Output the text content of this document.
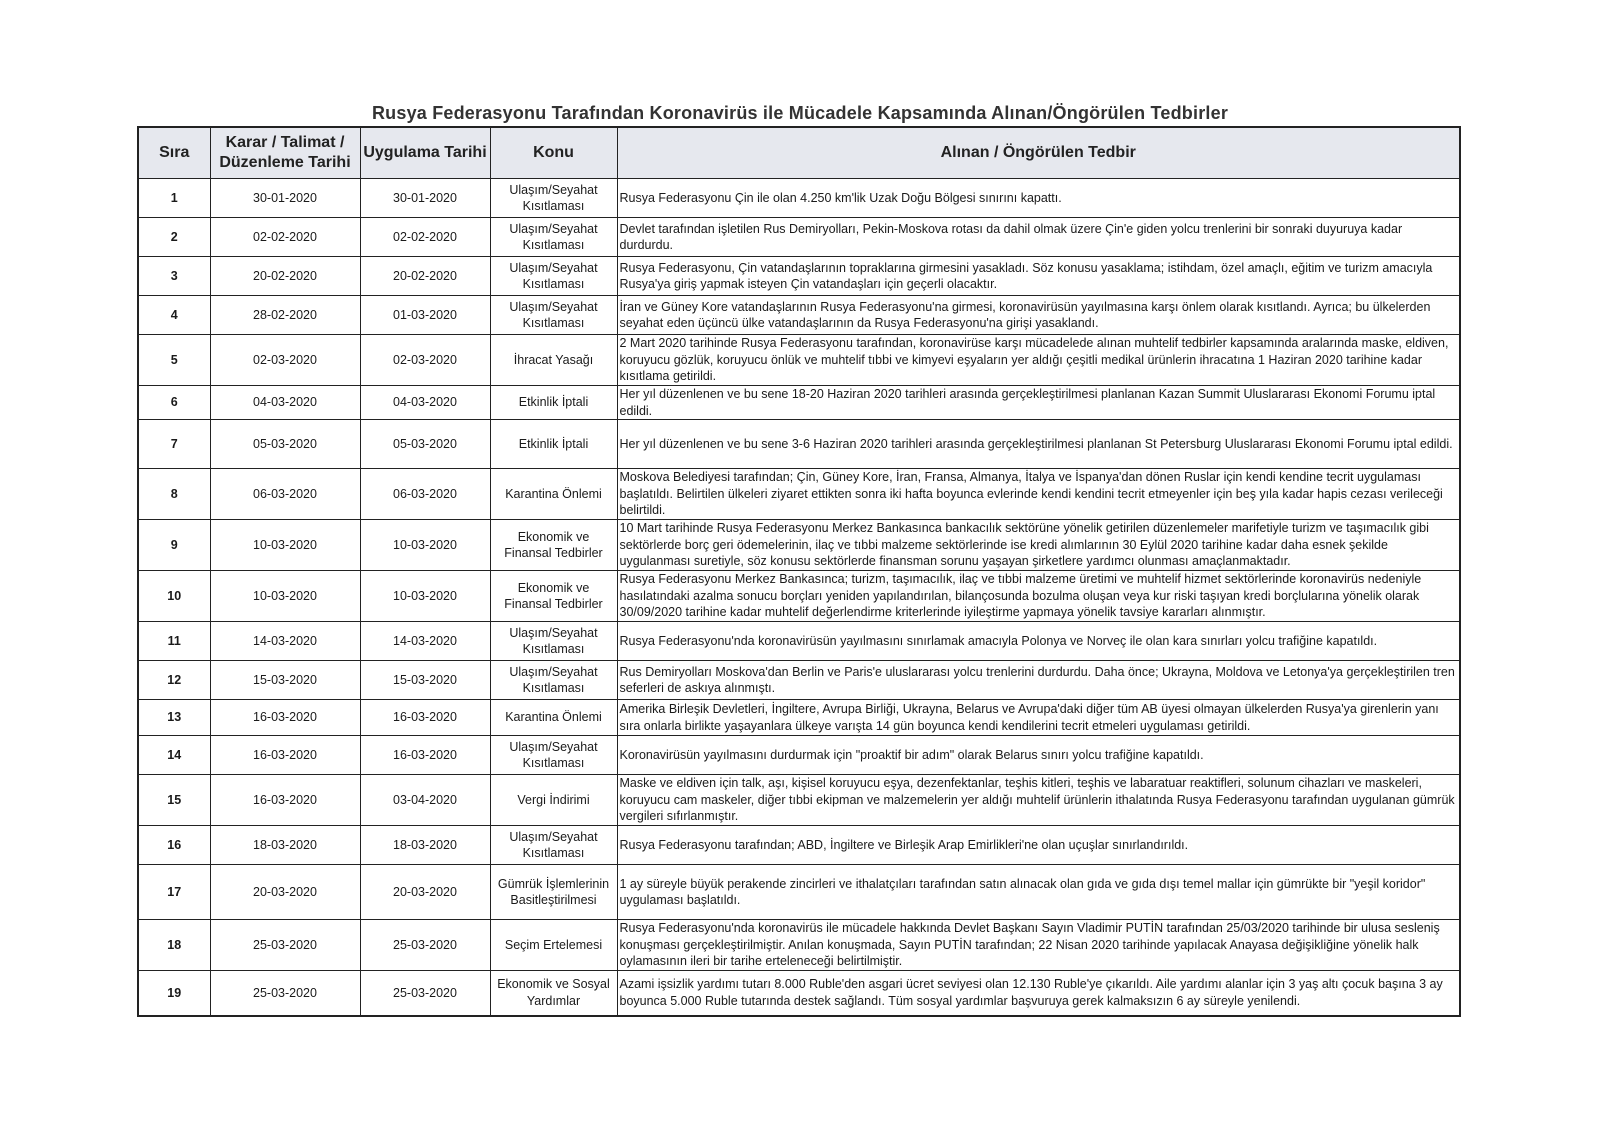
Rusya Federasyonu Tarafından Koronavirüs ile Mücadele Kapsamında Alınan/Öngörülen Tedbirler
Sıra	Karar / Talimat / Düzenleme Tarihi	Uygulama Tarihi	Konu	Alınan / Öngörülen Tedbir
1	30-01-2020	30-01-2020	Ulaşım/Seyahat Kısıtlaması	Rusya Federasyonu Çin ile olan 4.250 km'lik Uzak Doğu Bölgesi sınırını kapattı.
2	02-02-2020	02-02-2020	Ulaşım/Seyahat Kısıtlaması	Devlet tarafından işletilen Rus Demiryolları, Pekin-Moskova rotası da dahil olmak üzere Çin'e giden yolcu trenlerini bir sonraki duyuruya kadar durdurdu.
3	20-02-2020	20-02-2020	Ulaşım/Seyahat Kısıtlaması	Rusya Federasyonu, Çin vatandaşlarının topraklarına girmesini yasakladı. Söz konusu yasaklama; istihdam, özel amaçlı, eğitim ve turizm amacıyla Rusya'ya giriş yapmak isteyen Çin vatandaşları için geçerli olacaktır.
4	28-02-2020	01-03-2020	Ulaşım/Seyahat Kısıtlaması	İran ve Güney Kore vatandaşlarının Rusya Federasyonu'na girmesi, koronavirüsün yayılmasına karşı önlem olarak kısıtlandı. Ayrıca; bu ülkelerden seyahat eden üçüncü ülke vatandaşlarının da Rusya Federasyonu'na girişi yasaklandı.
5	02-03-2020	02-03-2020	İhracat Yasağı	2 Mart 2020 tarihinde Rusya Federasyonu tarafından, koronavirüse karşı mücadelede alınan muhtelif tedbirler kapsamında aralarında maske, eldiven, koruyucu gözlük, koruyucu önlük ve muhtelif tıbbi ve kimyevi eşyaların yer aldığı çeşitli medikal ürünlerin ihracatına 1 Haziran 2020 tarihine kadar kısıtlama getirildi.
6	04-03-2020	04-03-2020	Etkinlik İptali	Her yıl düzenlenen ve bu sene 18-20 Haziran 2020 tarihleri arasında gerçekleştirilmesi planlanan Kazan Summit Uluslararası Ekonomi Forumu iptal edildi.
7	05-03-2020	05-03-2020	Etkinlik İptali	Her yıl düzenlenen ve bu sene 3-6 Haziran 2020 tarihleri arasında gerçekleştirilmesi planlanan St Petersburg Uluslararası Ekonomi Forumu iptal edildi.
8	06-03-2020	06-03-2020	Karantina Önlemi	Moskova Belediyesi tarafından; Çin, Güney Kore, İran, Fransa, Almanya, İtalya ve İspanya'dan dönen Ruslar için kendi kendine tecrit uygulaması başlatıldı. Belirtilen ülkeleri ziyaret ettikten sonra iki hafta boyunca evlerinde kendi kendini tecrit etmeyenler için beş yıla kadar hapis cezası verileceği belirtildi.
9	10-03-2020	10-03-2020	Ekonomik ve Finansal Tedbirler	10 Mart tarihinde Rusya Federasyonu Merkez Bankasınca bankacılık sektörüne yönelik getirilen düzenlemeler marifetiyle turizm ve taşımacılık gibi sektörlerde borç geri ödemelerinin, ilaç ve tıbbi malzeme sektörlerinde ise kredi alımlarının 30 Eylül 2020 tarihine kadar daha esnek şekilde uygulanması suretiyle, söz konusu sektörlerde finansman sorunu yaşayan şirketlere yardımcı olunması amaçlanmaktadır.
10	10-03-2020	10-03-2020	Ekonomik ve Finansal Tedbirler	Rusya Federasyonu Merkez Bankasınca; turizm, taşımacılık, ilaç ve tıbbi malzeme üretimi ve muhtelif hizmet sektörlerinde koronavirüs nedeniyle hasılatındaki azalma sonucu borçları yeniden yapılandırılan, bilançosunda bozulma oluşan veya kur riski taşıyan kredi borçlularına yönelik olarak 30/09/2020 tarihine kadar muhtelif değerlendirme kriterlerinde iyileştirme yapmaya yönelik tavsiye kararları alınmıştır.
11	14-03-2020	14-03-2020	Ulaşım/Seyahat Kısıtlaması	Rusya Federasyonu'nda koronavirüsün yayılmasını sınırlamak amacıyla Polonya ve Norveç ile olan kara sınırları yolcu trafiğine kapatıldı.
12	15-03-2020	15-03-2020	Ulaşım/Seyahat Kısıtlaması	Rus Demiryolları Moskova'dan Berlin ve Paris'e uluslararası yolcu trenlerini durdurdu. Daha önce; Ukrayna, Moldova ve Letonya'ya gerçekleştirilen tren seferleri de askıya alınmıştı.
13	16-03-2020	16-03-2020	Karantina Önlemi	Amerika Birleşik Devletleri, İngiltere, Avrupa Birliği, Ukrayna, Belarus ve Avrupa'daki diğer tüm AB üyesi olmayan ülkelerden Rusya'ya girenlerin yanı sıra onlarla birlikte yaşayanlara ülkeye varışta 14 gün boyunca kendi kendilerini tecrit etmeleri uygulaması getirildi.
14	16-03-2020	16-03-2020	Ulaşım/Seyahat Kısıtlaması	Koronavirüsün yayılmasını durdurmak için "proaktif bir adım" olarak Belarus sınırı yolcu trafiğine kapatıldı.
15	16-03-2020	03-04-2020	Vergi İndirimi	Maske ve eldiven için talk, aşı, kişisel koruyucu eşya, dezenfektanlar, teşhis kitleri, teşhis ve labaratuar reaktifleri, solunum cihazları ve maskeleri, koruyucu cam maskeler, diğer tıbbi ekipman ve malzemelerin yer aldığı muhtelif ürünlerin ithalatında Rusya Federasyonu tarafından uygulanan gümrük vergileri sıfırlanmıştır.
16	18-03-2020	18-03-2020	Ulaşım/Seyahat Kısıtlaması	Rusya Federasyonu tarafından; ABD, İngiltere ve Birleşik Arap Emirlikleri'ne olan uçuşlar sınırlandırıldı.
17	20-03-2020	20-03-2020	Gümrük İşlemlerinin Basitleştirilmesi	1 ay süreyle büyük perakende zincirleri ve ithalatçıları tarafından satın alınacak olan gıda ve gıda dışı temel mallar için gümrükte bir "yeşil koridor" uygulaması başlatıldı.
18	25-03-2020	25-03-2020	Seçim Ertelemesi	Rusya Federasyonu'nda koronavirüs ile mücadele hakkında Devlet Başkanı Sayın Vladimir PUTİN tarafından 25/03/2020 tarihinde bir ulusa sesleniş konuşması gerçekleştirilmiştir. Anılan konuşmada, Sayın PUTİN tarafından; 22 Nisan 2020 tarihinde yapılacak Anayasa değişikliğine yönelik halk oylamasının ileri bir tarihe erteleneceği belirtilmiştir.
19	25-03-2020	25-03-2020	Ekonomik ve Sosyal Yardımlar	Azami işsizlik yardımı tutarı 8.000 Ruble'den asgari ücret seviyesi olan 12.130 Ruble'ye çıkarıldı. Aile yardımı alanlar için 3 yaş altı çocuk başına 3 ay boyunca 5.000 Ruble tutarında destek sağlandı. Tüm sosyal yardımlar başvuruya gerek kalmaksızın 6 ay süreyle yenilendi.
